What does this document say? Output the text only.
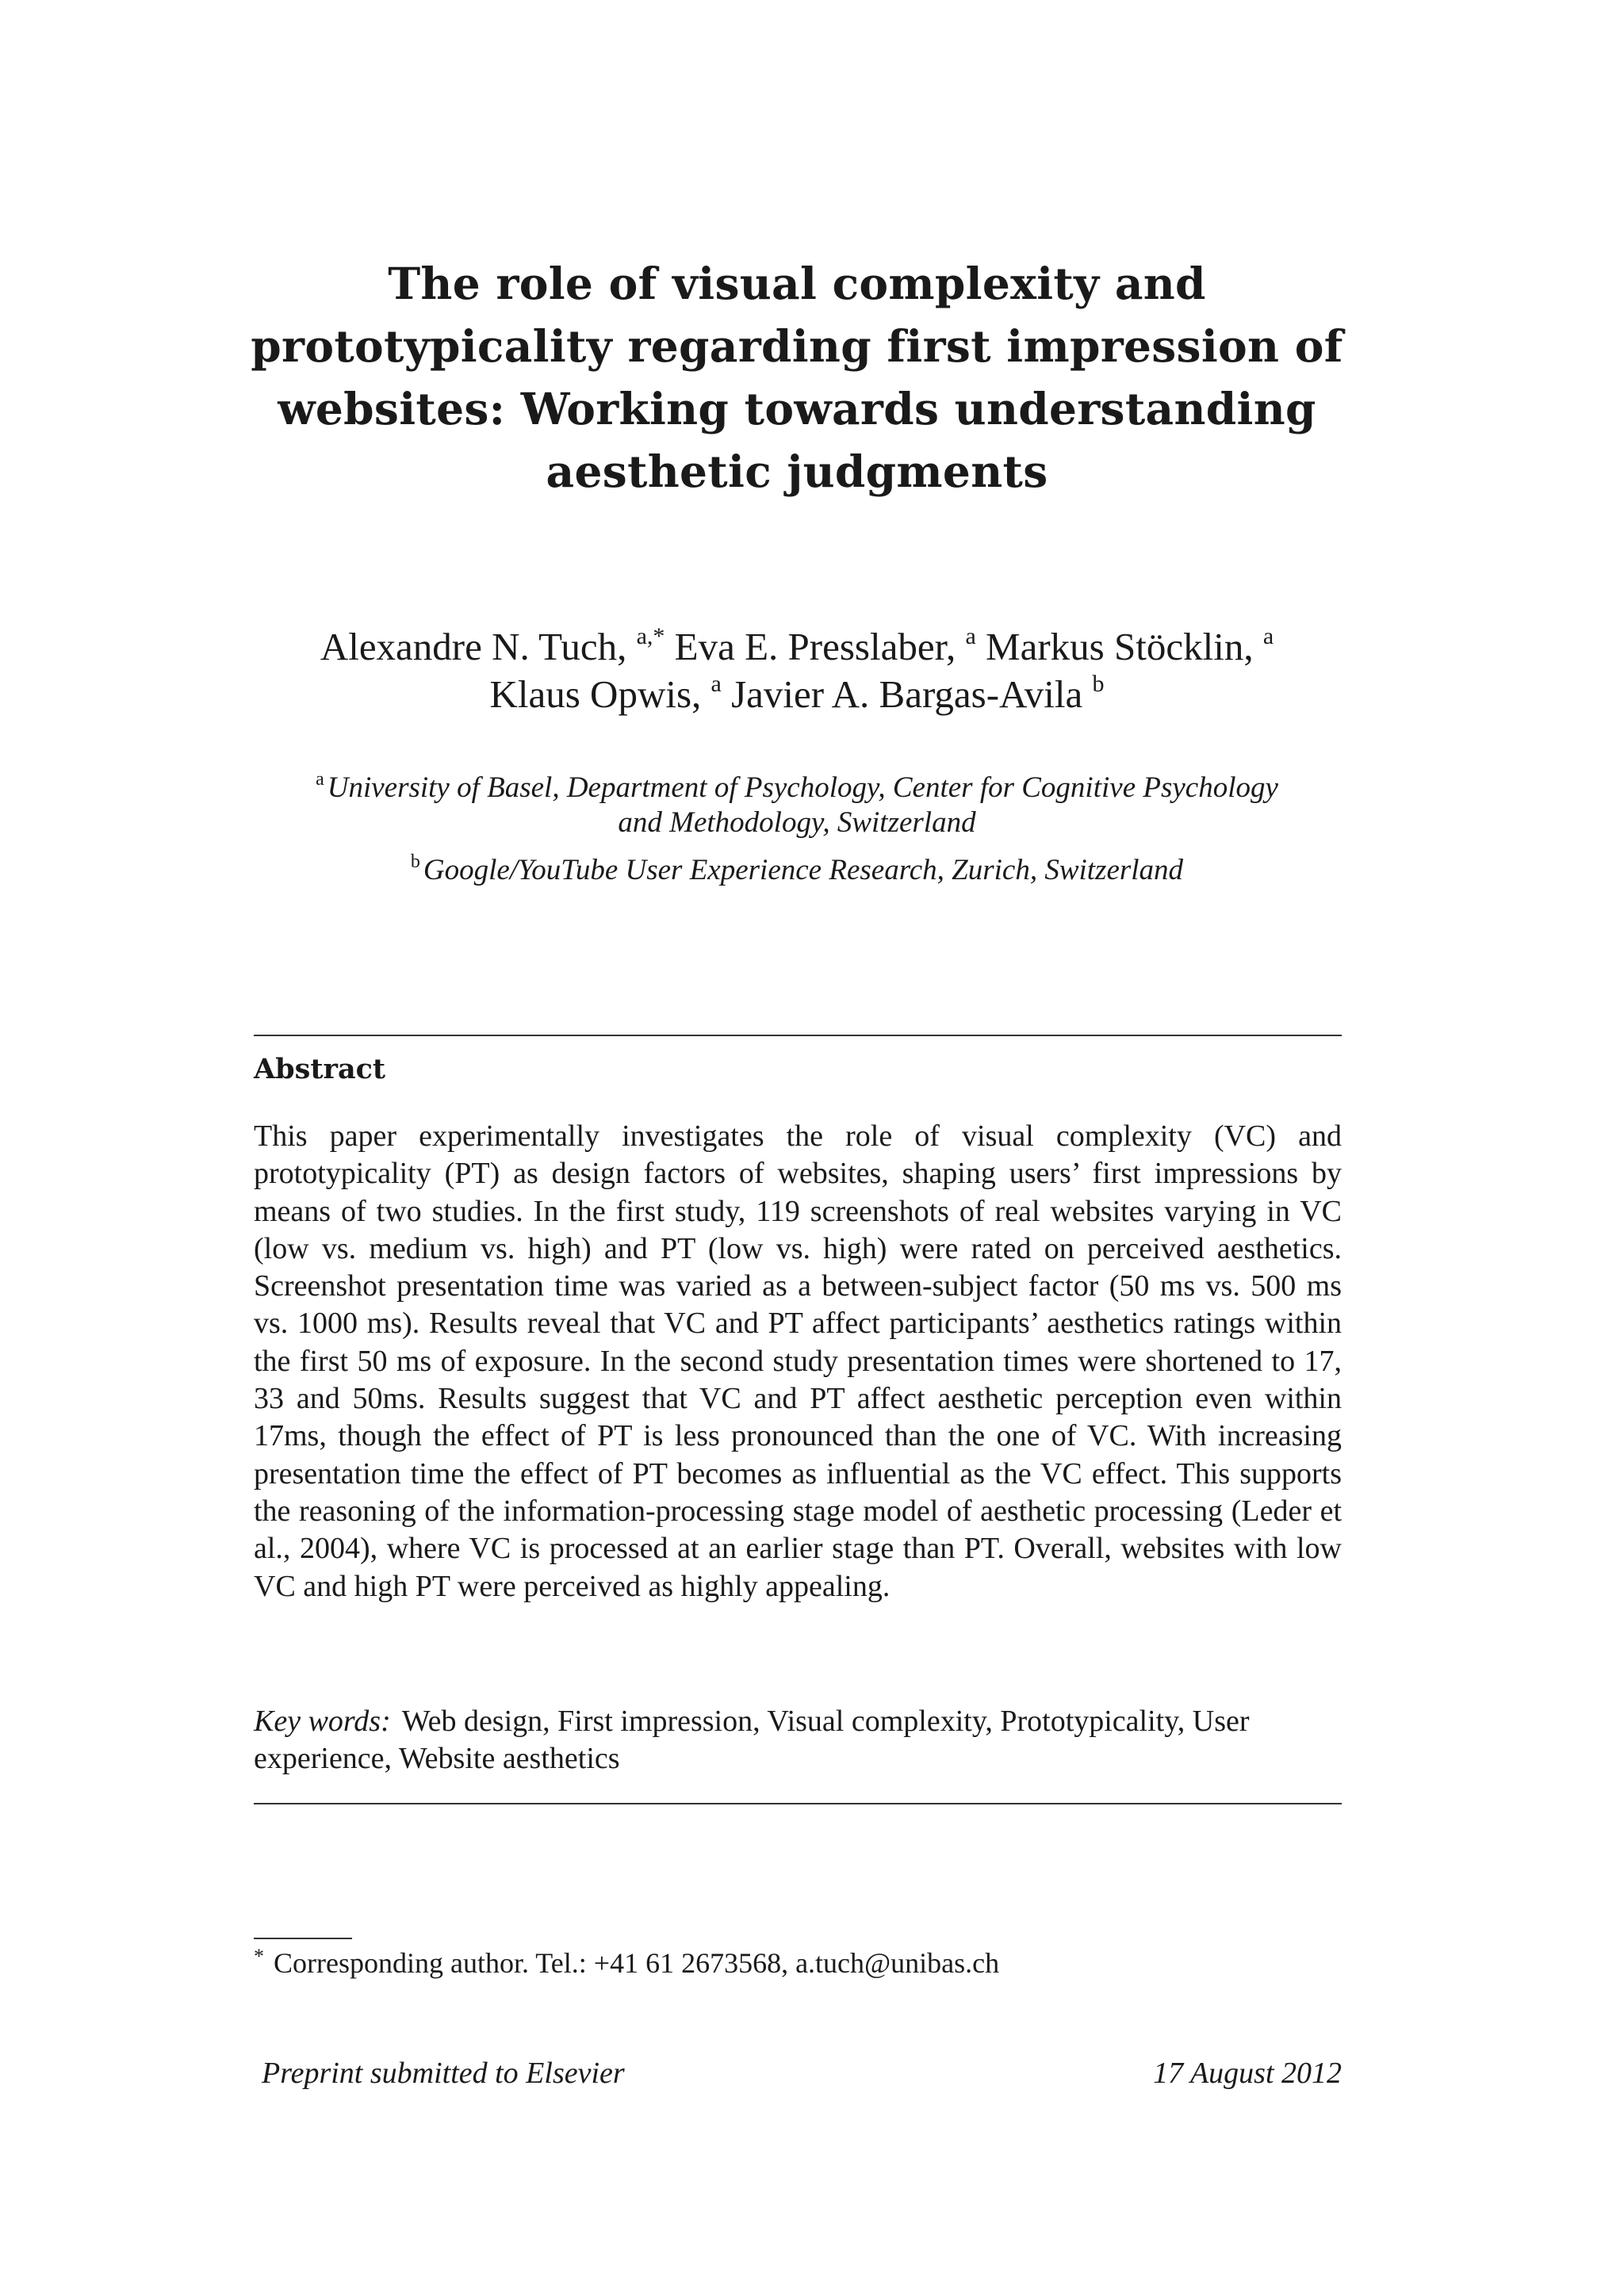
The role of visual complexity and
prototypicality regarding first impression of
websites: Working towards understanding
aesthetic judgments
Alexandre N. Tuch, $^{a,*}$ Eva E. Presslaber, $^a$ Markus Stöcklin, $^a$
Klaus Opwis, $^a$ Javier A. Bargas-Avila $^b$
$^a$ University of Basel, Department of Psychology, Center for Cognitive Psychology
and Methodology, Switzerland
$^b$ Google/YouTube User Experience Research, Zurich, Switzerland
Abstract
This paper experimentally investigates the role of visual complexity (VC) and prototypicality (PT) as design factors of websites, shaping users’ first impressions by means of two studies. In the first study, 119 screenshots of real websites varying in VC (low vs. medium vs. high) and PT (low vs. high) were rated on perceived aesthetics. Screenshot presentation time was varied as a between-subject factor (50 ms vs. 500 ms vs. 1000 ms). Results reveal that VC and PT affect participants’ aesthetics ratings within the first 50 ms of exposure. In the second study presentation times were shortened to 17, 33 and 50ms. Results suggest that VC and PT affect aesthetic perception even within 17ms, though the effect of PT is less pronounced than the one of VC. With increasing presentation time the effect of PT becomes as influential as the VC effect. This supports the reasoning of the information-processing stage model of aesthetic processing (Leder et al., 2004), where VC is processed at an earlier stage than PT. Overall, websites with low VC and high PT were perceived as highly appealing.
Key words: Web design, First impression, Visual complexity, Prototypicality, User experience, Website aesthetics
* Corresponding author. Tel.: +41 61 2673568, a.tuch@unibas.ch
Preprint submitted to Elsevier	17 August 2012
